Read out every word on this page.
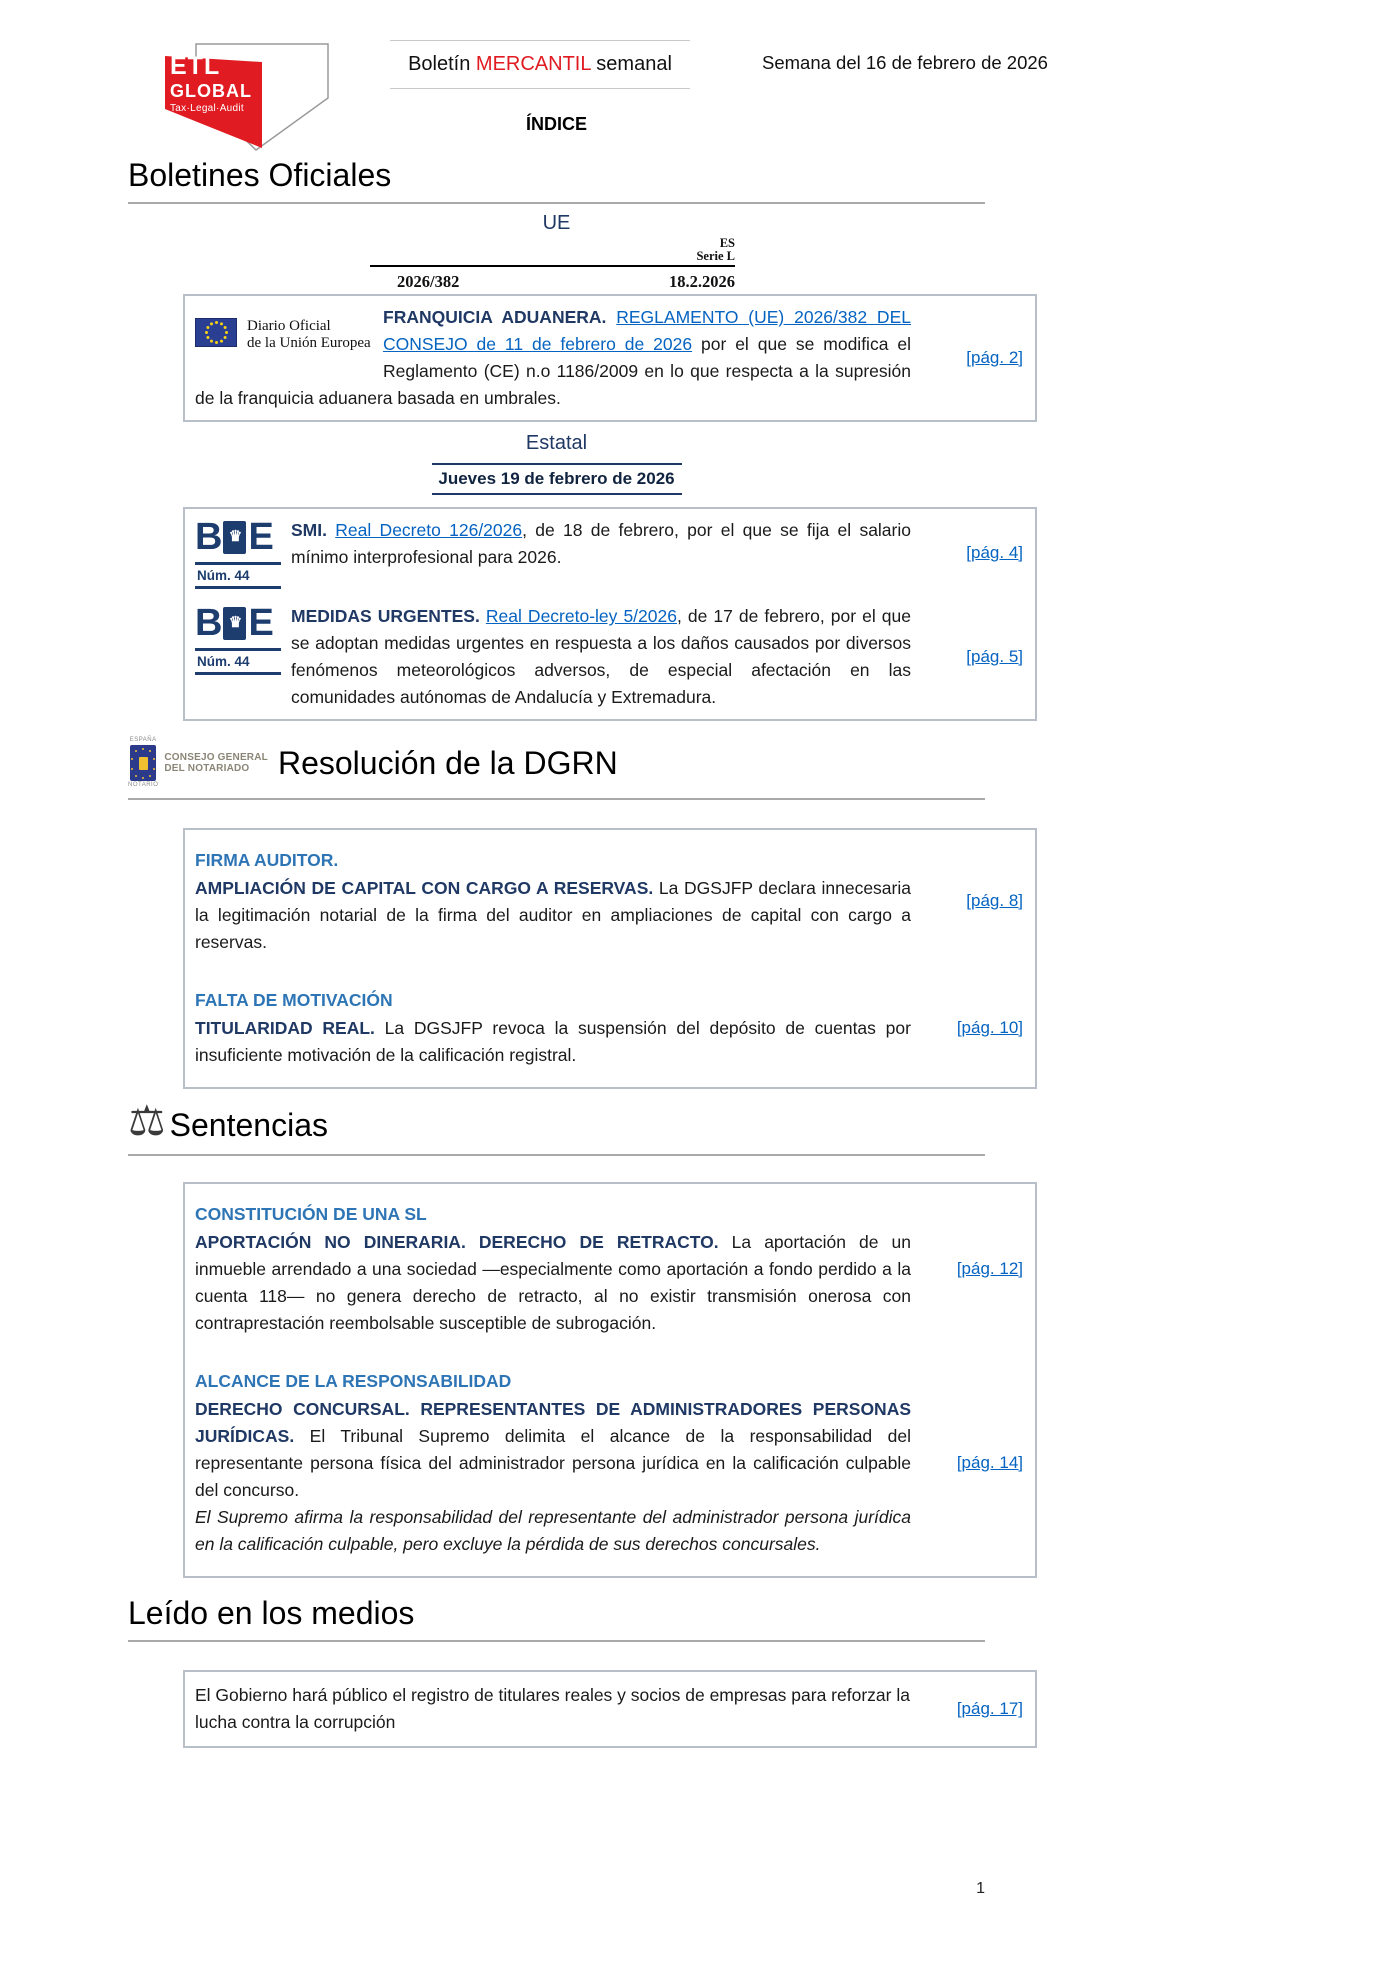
ETL
GLOBAL
Tax·Legal·Audit
Boletín MERCANTIL semanal	Semana del 16 de febrero de 2026
ÍNDICE
Boletines Oficiales
UE
ES
Serie L
2026/382	18.2.2026
Diario Oficial
de la Unión Europea

FRANQUICIA ADUANERA. REGLAMENTO (UE) 2026/382 DEL CONSEJO de 11 de febrero de 2026 por el que se modifica el Reglamento (CE) n.o 1186/2009 en lo que respecta a la supresión de la franquicia aduanera basada en umbrales.

[pág. 2]
Estatal
Jueves 19 de febrero de 2026
B ♛ E
Núm. 44

SMI. Real Decreto 126/2026, de 18 de febrero, por el que se fija el salario mínimo interprofesional para 2026.	[pág. 4]
B ♛ E
Núm. 44

MEDIDAS URGENTES. Real Decreto-ley 5/2026, de 17 de febrero, por el que se adoptan medidas urgentes en respuesta a los daños causados por diversos fenómenos meteorológicos adversos, de especial afectación en las comunidades autónomas de Andalucía y Extremadura.

[pág. 5]
ESPAÑA
NOTARIO
CONSEJO GENERAL
DEL NOTARIADO Resolución de la DGRN
FIRMA AUDITOR.

AMPLIACIÓN DE CAPITAL CON CARGO A RESERVAS. La DGSJFP declara innecesaria la legitimación notarial de la firma del auditor en ampliaciones de capital con cargo a reservas.

[pág. 8]
FALTA DE MOTIVACIÓN

TITULARIDAD REAL. La DGSJFP revoca la suspensión del depósito de cuentas por insuficiente motivación de la calificación registral.

[pág. 10]
⚖ Sentencias
CONSTITUCIÓN DE UNA SL

APORTACIÓN NO DINERARIA. DERECHO DE RETRACTO. La aportación de un inmueble arrendado a una sociedad —especialmente como aportación a fondo perdido a la cuenta 118— no genera derecho de retracto, al no existir transmisión onerosa con contraprestación reembolsable susceptible de subrogación.

[pág. 12]
ALCANCE DE LA RESPONSABILIDAD

DERECHO CONCURSAL. REPRESENTANTES DE ADMINISTRADORES PERSONAS JURÍDICAS. El Tribunal Supremo delimita el alcance de la responsabilidad del representante persona física del administrador persona jurídica en la calificación culpable del concurso.
El Supremo afirma la responsabilidad del representante del administrador persona jurídica en la calificación culpable, pero excluye la pérdida de sus derechos concursales.

[pág. 14]
Leído en los medios

El Gobierno hará público el registro de titulares reales y socios de empresas para reforzar la lucha contra la corrupción

[pág. 17]
1
